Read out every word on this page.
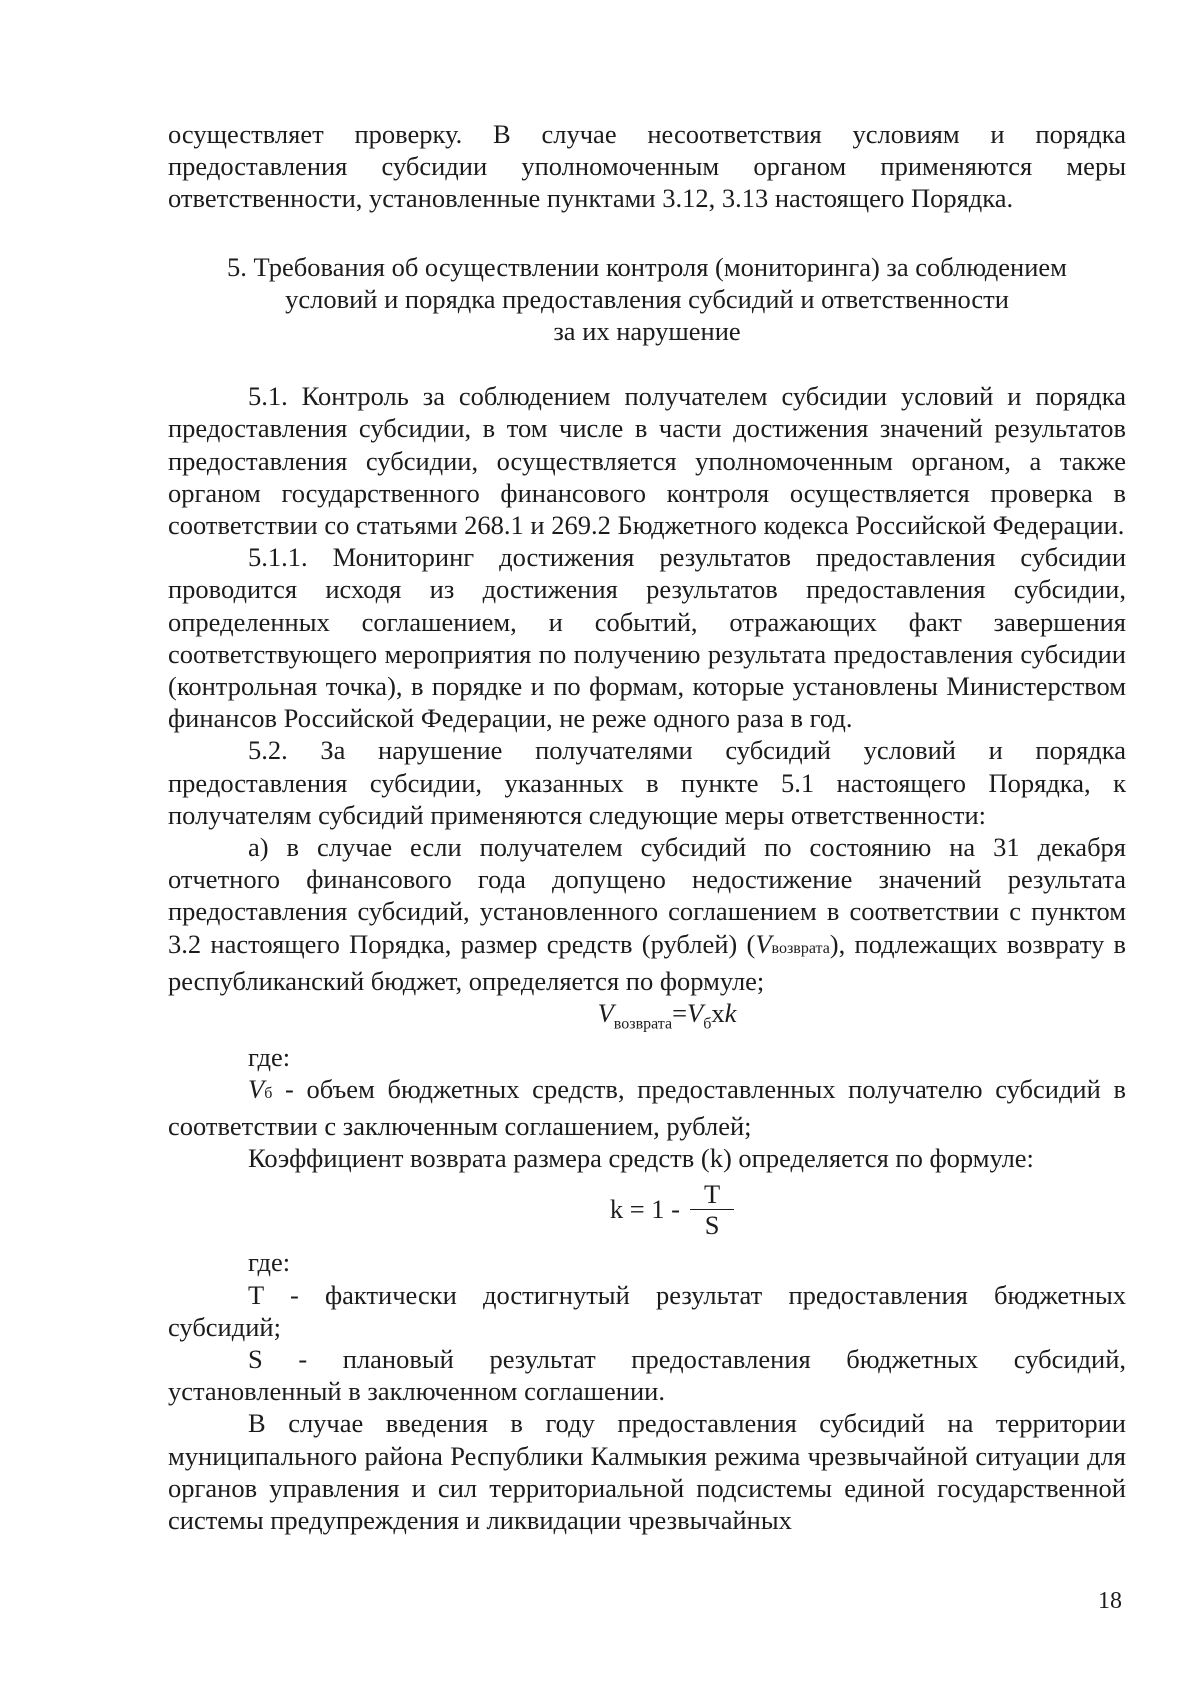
осуществляет проверку. В случае несоответствия условиям и порядка предоставления субсидии уполномоченным органом применяются меры ответственности, установленные пунктами 3.12, 3.13 настоящего Порядка.

5. Требования об осуществлении контроля (мониторинга) за соблюдением

условий и порядка предоставления субсидий и ответственности

за их нарушение

5.1. Контроль за соблюдением получателем субсидии условий и порядка предоставления субсидии, в том числе в части достижения значений результатов предоставления субсидии, осуществляется уполномоченным органом, а также органом государственного финансового контроля осуществляется проверка в соответствии со статьями 268.1 и 269.2 Бюджетного кодекса Российской Федерации.

5.1.1. Мониторинг достижения результатов предоставления субсидии проводится исходя из достижения результатов предоставления субсидии, определенных соглашением, и событий, отражающих факт завершения соответствующего мероприятия по получению результата предоставления субсидии (контрольная точка), в порядке и по формам, которые установлены Министерством финансов Российской Федерации, не реже одного раза в год.

5.2. За нарушение получателями субсидий условий и порядка предоставления субсидии, указанных в пункте 5.1 настоящего Порядка, к получателям субсидий применяются следующие меры ответственности:

а) в случае если получателем субсидий по состоянию на 31 декабря отчетного финансового года допущено недостижение значений результата предоставления субсидий, установленного соглашением в соответствии с пунктом 3.2 настоящего Порядка, размер средств (рублей) (Vвозврата), подлежащих возврату в республиканский бюджет, определяется по формуле;

$V_{возврата}=V_бxk$

где:

Vб - объем бюджетных средств, предоставленных получателю субсидий в соответствии с заключенным соглашением, рублей;

Коэффициент возврата размера средств (k) определяется по формуле:

$k = 1 - \frac{T}{S}$

где:

T - фактически достигнутый результат предоставления бюджетных субсидий;

S - плановый результат предоставления бюджетных субсидий, установленный в заключенном соглашении.

В случае введения в году предоставления субсидий на территории муниципального района Республики Калмыкия режима чрезвычайной ситуации для органов управления и сил территориальной подсистемы единой государственной системы предупреждения и ликвидации чрезвычайных

18
